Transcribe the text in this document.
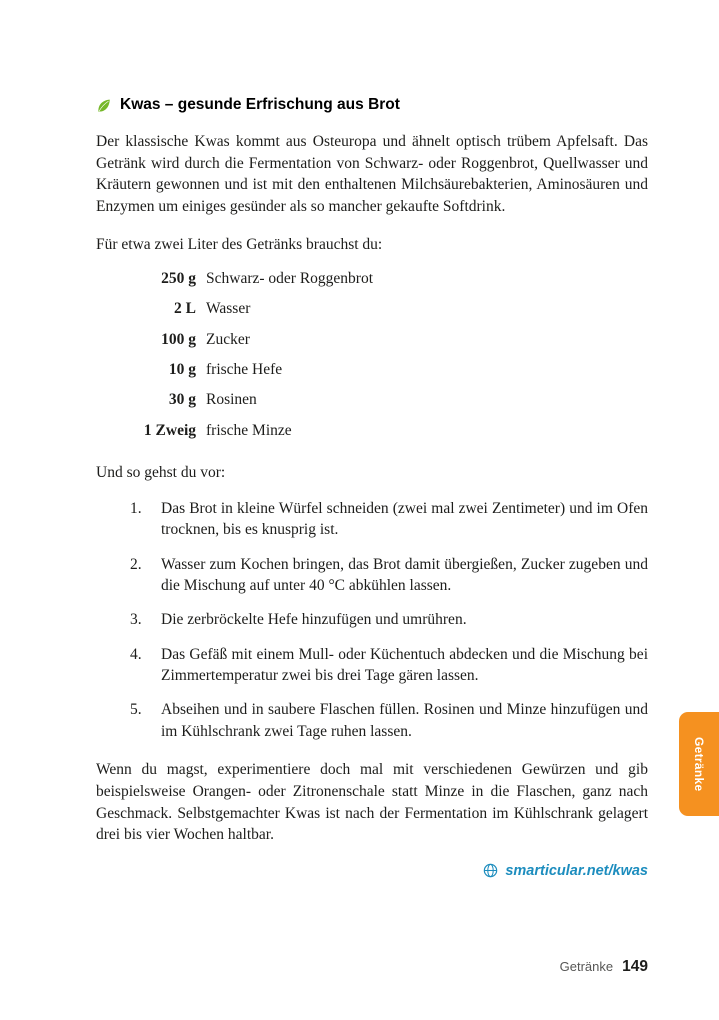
Kwas – gesunde Erfrischung aus Brot

Der klassische Kwas kommt aus Osteuropa und ähnelt optisch trübem Apfelsaft. Das Getränk wird durch die Fermentation von Schwarz- oder Roggenbrot, Quellwasser und Kräutern gewonnen und ist mit den enthaltenen Milchsäurebakterien, Aminosäuren und Enzymen um einiges gesünder als so mancher gekaufte Softdrink.

Für etwa zwei Liter des Getränks brauchst du:

250 g Schwarz- oder Roggenbrot
2 L Wasser
100 g Zucker
10 g frische Hefe
30 g Rosinen
1 Zweig frische Minze

Und so gehst du vor:

1.	Das Brot in kleine Würfel schneiden (zwei mal zwei Zentimeter) und im Ofen trocknen, bis es knusprig ist.
2.	Wasser zum Kochen bringen, das Brot damit übergießen, Zucker zugeben und die Mischung auf unter 40 °C abkühlen lassen.
3.	Die zerbröckelte Hefe hinzufügen und umrühren.
4.	Das Gefäß mit einem Mull- oder Küchentuch abdecken und die Mischung bei Zimmertemperatur zwei bis drei Tage gären lassen.
5.	Abseihen und in saubere Flaschen füllen. Rosinen und Minze hinzufügen und im Kühlschrank zwei Tage ruhen lassen.

Wenn du magst, experimentiere doch mal mit verschiedenen Gewürzen und gib beispielsweise Orangen- oder Zitronenschale statt Minze in die Flaschen, ganz nach Geschmack. Selbstgemachter Kwas ist nach der Fermentation im Kühlschrank gelagert drei bis vier Wochen haltbar.

smarticular.net/kwas
Getränke
Getränke 149
